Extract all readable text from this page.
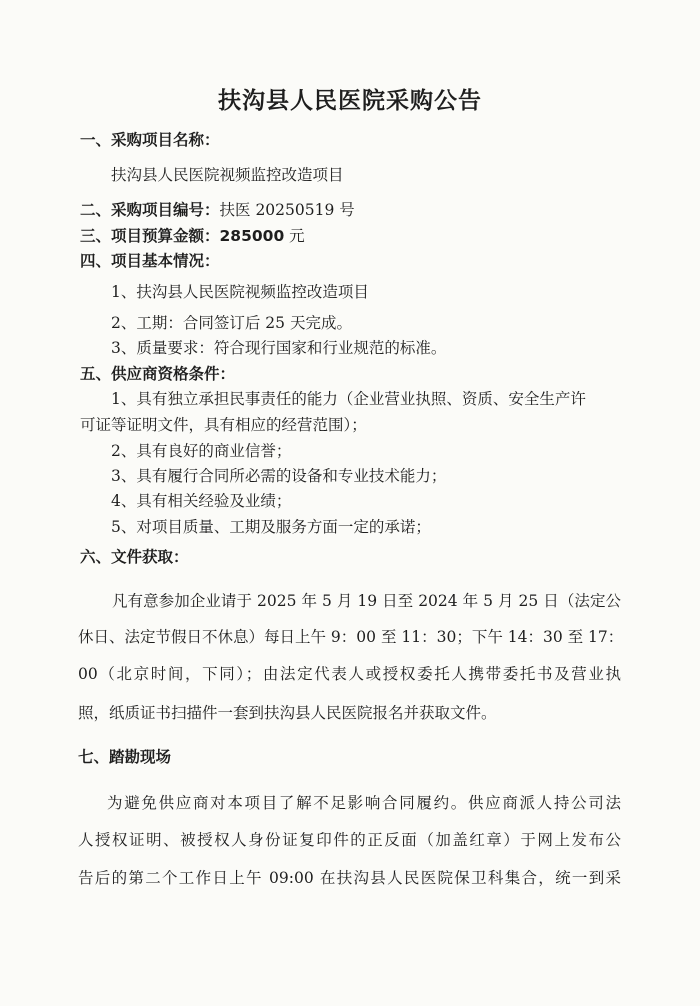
扶沟县人民医院采购公告
一、采购项目名称：
扶沟县人民医院视频监控改造项目
二、采购项目编号：扶医 20250519 号
三、项目预算金额：285000 元
四、项目基本情况：
1、扶沟县人民医院视频监控改造项目
2、工期：合同签订后 25 天完成。
3、质量要求：符合现行国家和行业规范的标准。
五、供应商资格条件：
1、具有独立承担民事责任的能力（企业营业执照、资质、安全生产许
可证等证明文件，具有相应的经营范围）；
2、具有良好的商业信誉；
3、具有履行合同所必需的设备和专业技术能力；
4、具有相关经验及业绩；
5、对项目质量、工期及服务方面一定的承诺；
六、文件获取：
凡有意参加企业请于 2025 年 5 月 19 日至 2024 年 5 月 25 日（法定公
休日、法定节假日不休息）每日上午 9：00 至 11：30；下午 14：30 至 17：
00（北京时间，下同）；由法定代表人或授权委托人携带委托书及营业执
照，纸质证书扫描件一套到扶沟县人民医院报名并获取文件。
七、踏勘现场
为避免供应商对本项目了解不足影响合同履约。供应商派人持公司法
人授权证明、被授权人身份证复印件的正反面（加盖红章）于网上发布公
告后的第二个工作日上午 09:00 在扶沟县人民医院保卫科集合，统一到采
